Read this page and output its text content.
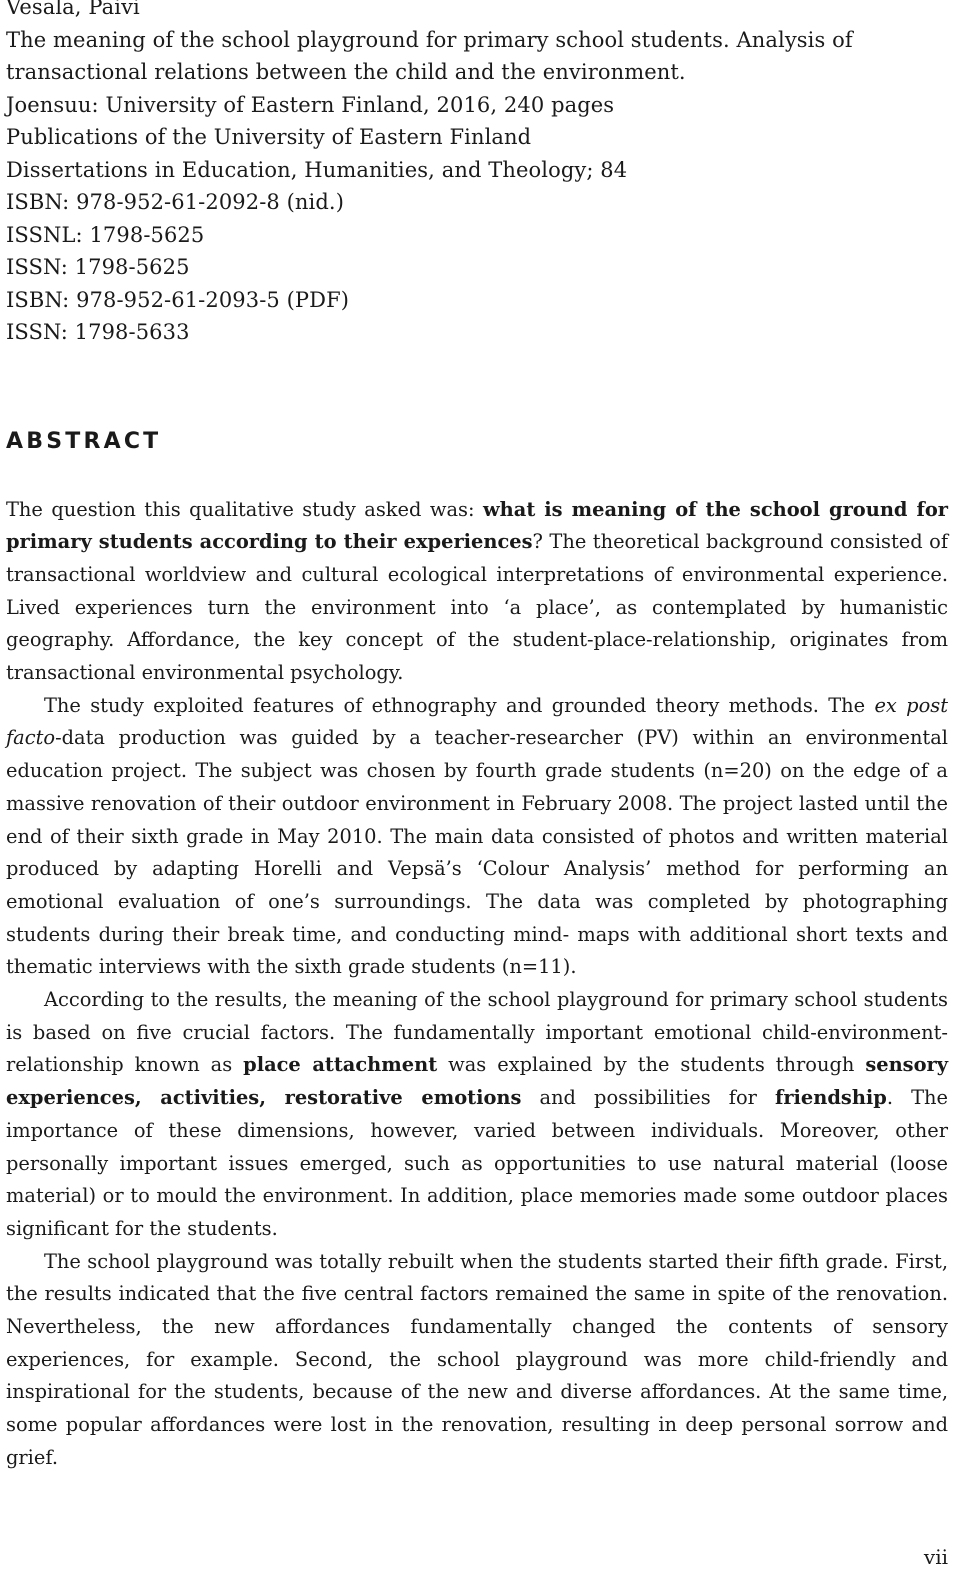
Vesala, Päivi
The meaning of the school playground for primary school students. Analysis of
transactional relations between the child and the environment.
Joensuu: University of Eastern Finland, 2016, 240 pages
Publications of the University of Eastern Finland
Dissertations in Education, Humanities, and Theology; 84
ISBN: 978-952-61-2092-8 (nid.)
ISSNL: 1798-5625
ISSN: 1798-5625
ISBN: 978-952-61-2093-5 (PDF)
ISSN: 1798-5633
ABSTRACT

The question this qualitative study asked was: what is meaning of the school ground for primary students according to their experiences? The theoretical background consisted of transactional worldview and cultural ecological interpretations of environmental experience. Lived experiences turn the environment into ‘a place’, as contemplated by humanistic geography. Affordance, the key concept of the student-place-relationship, originates from transactional environmental psychology.

The study exploited features of ethnography and grounded theory methods. The ex post facto-data production was guided by a teacher-researcher (PV) within an environmental education project. The subject was chosen by fourth grade students (n=20) on the edge of a massive renovation of their outdoor environment in February 2008. The project lasted until the end of their sixth grade in May 2010. The main data consisted of photos and written material produced by adapting Horelli and Vepsä’s ‘Colour Analysis’ method for performing an emotional evaluation of one’s surroundings. The data was completed by photographing students during their break time, and conducting mind- maps with additional short texts and thematic interviews with the sixth grade students (n=11).

According to the results, the meaning of the school playground for primary school students is based on five crucial factors. The fundamentally important emotional child-environment-relationship known as place attachment was explained by the students through sensory experiences, activities, restorative emotions and possibilities for friendship. The importance of these dimensions, however, varied between individuals. Moreover, other personally important issues emerged, such as opportunities to use natural material (loose material) or to mould the environment. In addition, place memories made some outdoor places significant for the students.

The school playground was totally rebuilt when the students started their fifth grade. First, the results indicated that the five central factors remained the same in spite of the renovation. Nevertheless, the new affordances fundamentally changed the contents of sensory experiences, for example. Second, the school playground was more child-friendly and inspirational for the students, because of the new and diverse affordances. At the same time, some popular affordances were lost in the renovation, resulting in deep personal sorrow and grief.

vii
